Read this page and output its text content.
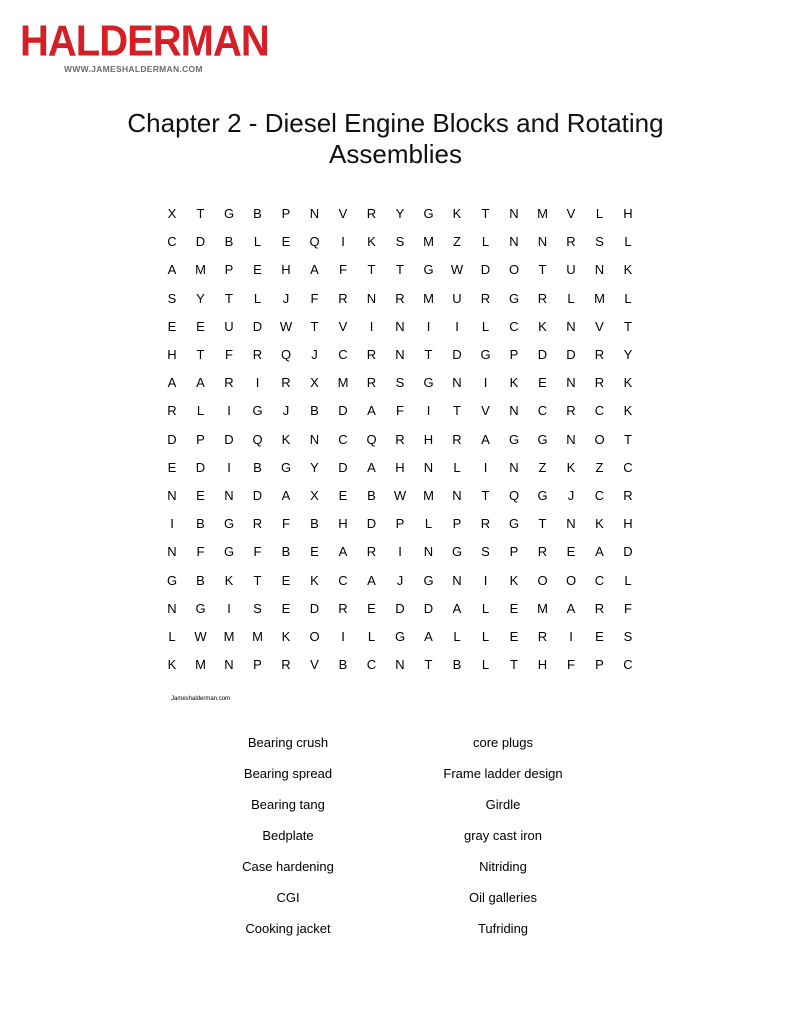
HALDERMAN
WWW.JAMESHALDERMAN.COM
Chapter 2 - Diesel Engine Blocks and Rotating
Assemblies
X	T	G	B	P	N	V	R	Y	G	K	T	N	M	V	L	H
C	D	B	L	E	Q	I	K	S	M	Z	L	N	N	R	S	L
A	M	P	E	H	A	F	T	T	G	W	D	O	T	U	N	K
S	Y	T	L	J	F	R	N	R	M	U	R	G	R	L	M	L
E	E	U	D	W	T	V	I	N	I	I	L	C	K	N	V	T
H	T	F	R	Q	J	C	R	N	T	D	G	P	D	D	R	Y
A	A	R	I	R	X	M	R	S	G	N	I	K	E	N	R	K
R	L	I	G	J	B	D	A	F	I	T	V	N	C	R	C	K
D	P	D	Q	K	N	C	Q	R	H	R	A	G	G	N	O	T
E	D	I	B	G	Y	D	A	H	N	L	I	N	Z	K	Z	C
N	E	N	D	A	X	E	B	W	M	N	T	Q	G	J	C	R
I	B	G	R	F	B	H	D	P	L	P	R	G	T	N	K	H
N	F	G	F	B	E	A	R	I	N	G	S	P	R	E	A	D
G	B	K	T	E	K	C	A	J	G	N	I	K	O	O	C	L
N	G	I	S	E	D	R	E	D	D	A	L	E	M	A	R	F
L	W	M	M	K	O	I	L	G	A	L	L	E	R	I	E	S
K	M	N	P	R	V	B	C	N	T	B	L	T	H	F	P	C
Jameshalderman.com
Bearing crush
Bearing spread
Bearing tang
Bedplate
Case hardening
CGI
Cooking jacket
core plugs
Frame ladder design
Girdle
gray cast iron
Nitriding
Oil galleries
Tufriding
